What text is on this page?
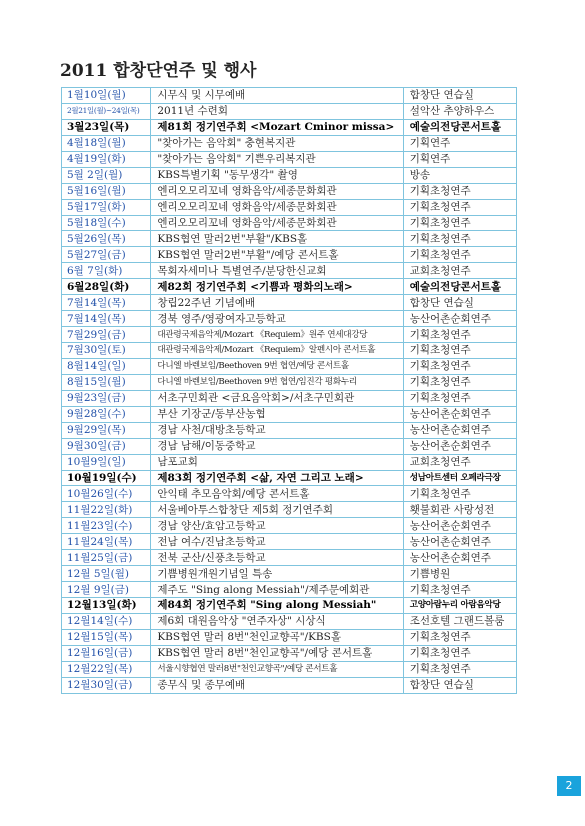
2011 합창단연주 및 행사
1월10일(월)	시무식 및 시무예배	합창단 연습실
2월21일(월)~24일(목)	2011년 수련회	설악산 추양하우스
3월23일(목)	제81회 정기연주회 <Mozart Cminor missa>	예술의전당콘서트홀
4월18일(월)	"찾아가는 음악회" 충현복지관	기획연주
4월19일(화)	"찾아가는 음악회" 기쁜우리복지관	기획연주
5월 2일(월)	KBS특별기획 "동무생각" 촬영	방송
5월16일(월)	엔리오모리꼬네 영화음악/세종문화회관	기획초청연주
5월17일(화)	엔리오모리꼬네 영화음악/세종문화회관	기획초청연주
5월18일(수)	엔리오모리꼬네 영화음악/세종문화회관	기획초청연주
5월26일(목)	KBS협연 말러2번"부활"/KBS홀	기획초청연주
5월27일(금)	KBS협연 말러2번"부활"/예당 콘서트홀	기획초청연주
6월 7일(화)	목회자세미나 특별연주/분당한신교회	교회초청연주
6월28일(화)	제82회 정기연주회 <기쁨과 평화의노래>	예술의전당콘서트홀
7월14일(목)	창립22주년 기념예배	합창단 연습실
7월14일(목)	경북 영주/영광여자고등학교	농산어촌순회연주
7월29일(금)	대관령국제음악제/Mozart 《Requiem》원주 연세대강당	기획초청연주
7월30일(토)	대관령국제음악제/Mozart 《Requiem》알펜시아 콘서트홀	기획초청연주
8월14일(일)	다니엘 바렌보임/Beethoven 9번 협연/예당 콘서트홀	기획초청연주
8월15일(월)	다니엘 바렌보임/Beethoven 9번 협연/임진각 평화누리	기획초청연주
9월23일(금)	서초구민회관 <금요음악회>/서초구민회관	기획초청연주
9월28일(수)	부산 기장군/동부산농협	농산어촌순회연주
9월29일(목)	경남 사천/대방초등학교	농산어촌순회연주
9월30일(금)	경남 남해/이동중학교	농산어촌순회연주
10월9일(일)	남포교회	교회초청연주
10월19일(수)	제83회 정기연주회 <삶, 자연 그리고 노래>	성남아트센터 오페라극장
10월26일(수)	안익태 추모음악회/예당 콘서트홀	기획초청연주
11월22일(화)	서울베아투스합창단 제5회 정기연주회	횃불회관 사랑성전
11월23일(수)	경남 양산/효암고등학교	농산어촌순회연주
11월24일(목)	전남 여수/진남초등학교	농산어촌순회연주
11월25일(금)	전북 군산/신풍초등학교	농산어촌순회연주
12월 5일(월)	기쁨병원개원기념일 특송	기쁨병원
12월 9일(금)	제주도 "Sing along Messiah"/제주문예회관	기획초청연주
12월13일(화)	제84회 정기연주회 "Sing along Messiah"	고양아람누리 아람음악당
12월14일(수)	제6회 대원음악상 "연주자상" 시상식	조선호텔 그랜드볼룸
12월15일(목)	KBS협연 말러 8번"천인교향곡"/KBS홀	기획초청연주
12월16일(금)	KBS협연 말러 8번"천인교향곡"/예당 콘서트홀	기획초청연주
12월22일(목)	서울시향협연 말러8번"천인교향곡"/예당 콘서트홀	기획초청연주
12월30일(금)	종무식 및 종무예배	합창단 연습실
2
